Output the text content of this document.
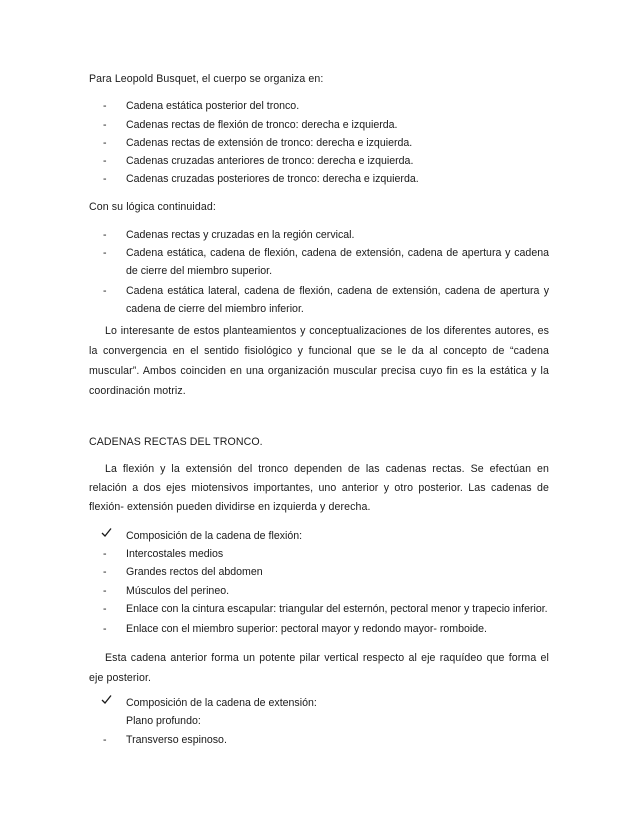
Para Leopold Busquet, el cuerpo se organiza en:
-	Cadena estática posterior del tronco.
-	Cadenas rectas de flexión de tronco: derecha e izquierda.
-	Cadenas rectas de extensión de tronco: derecha e izquierda.
-	Cadenas cruzadas anteriores de tronco: derecha e izquierda.
-	Cadenas cruzadas posteriores de tronco: derecha e izquierda.
Con su lógica continuidad:
-	Cadenas rectas y cruzadas en la región cervical.
-	Cadena estática, cadena de flexión, cadena de extensión, cadena de apertura y cadena de cierre del miembro superior.
-	Cadena estática lateral, cadena de flexión, cadena de extensión, cadena de apertura y cadena de cierre del miembro inferior.
Lo interesante de estos planteamientos y conceptualizaciones de los diferentes autores, es la convergencia en el sentido fisiológico y funcional que se le da al concepto de “cadena muscular”. Ambos coinciden en una organización muscular precisa cuyo fin es la estática y la coordinación motriz.
CADENAS RECTAS DEL TRONCO.
La flexión y la extensión del tronco dependen de las cadenas rectas. Se efectúan en relación a dos ejes miotensivos importantes, uno anterior y otro posterior. Las cadenas de flexión- extensión pueden dividirse en izquierda y derecha.
Composición de la cadena de flexión:
-	Intercostales medios
-	Grandes rectos del abdomen
-	Músculos del perineo.
-	Enlace con la cintura escapular: triangular del esternón, pectoral menor y trapecio inferior.
-	Enlace con el miembro superior: pectoral mayor y redondo mayor- romboide.
Esta cadena anterior forma un potente pilar vertical respecto al eje raquídeo que forma el eje posterior.
Composición de la cadena de extensión:
Plano profundo:
-	Transverso espinoso.
